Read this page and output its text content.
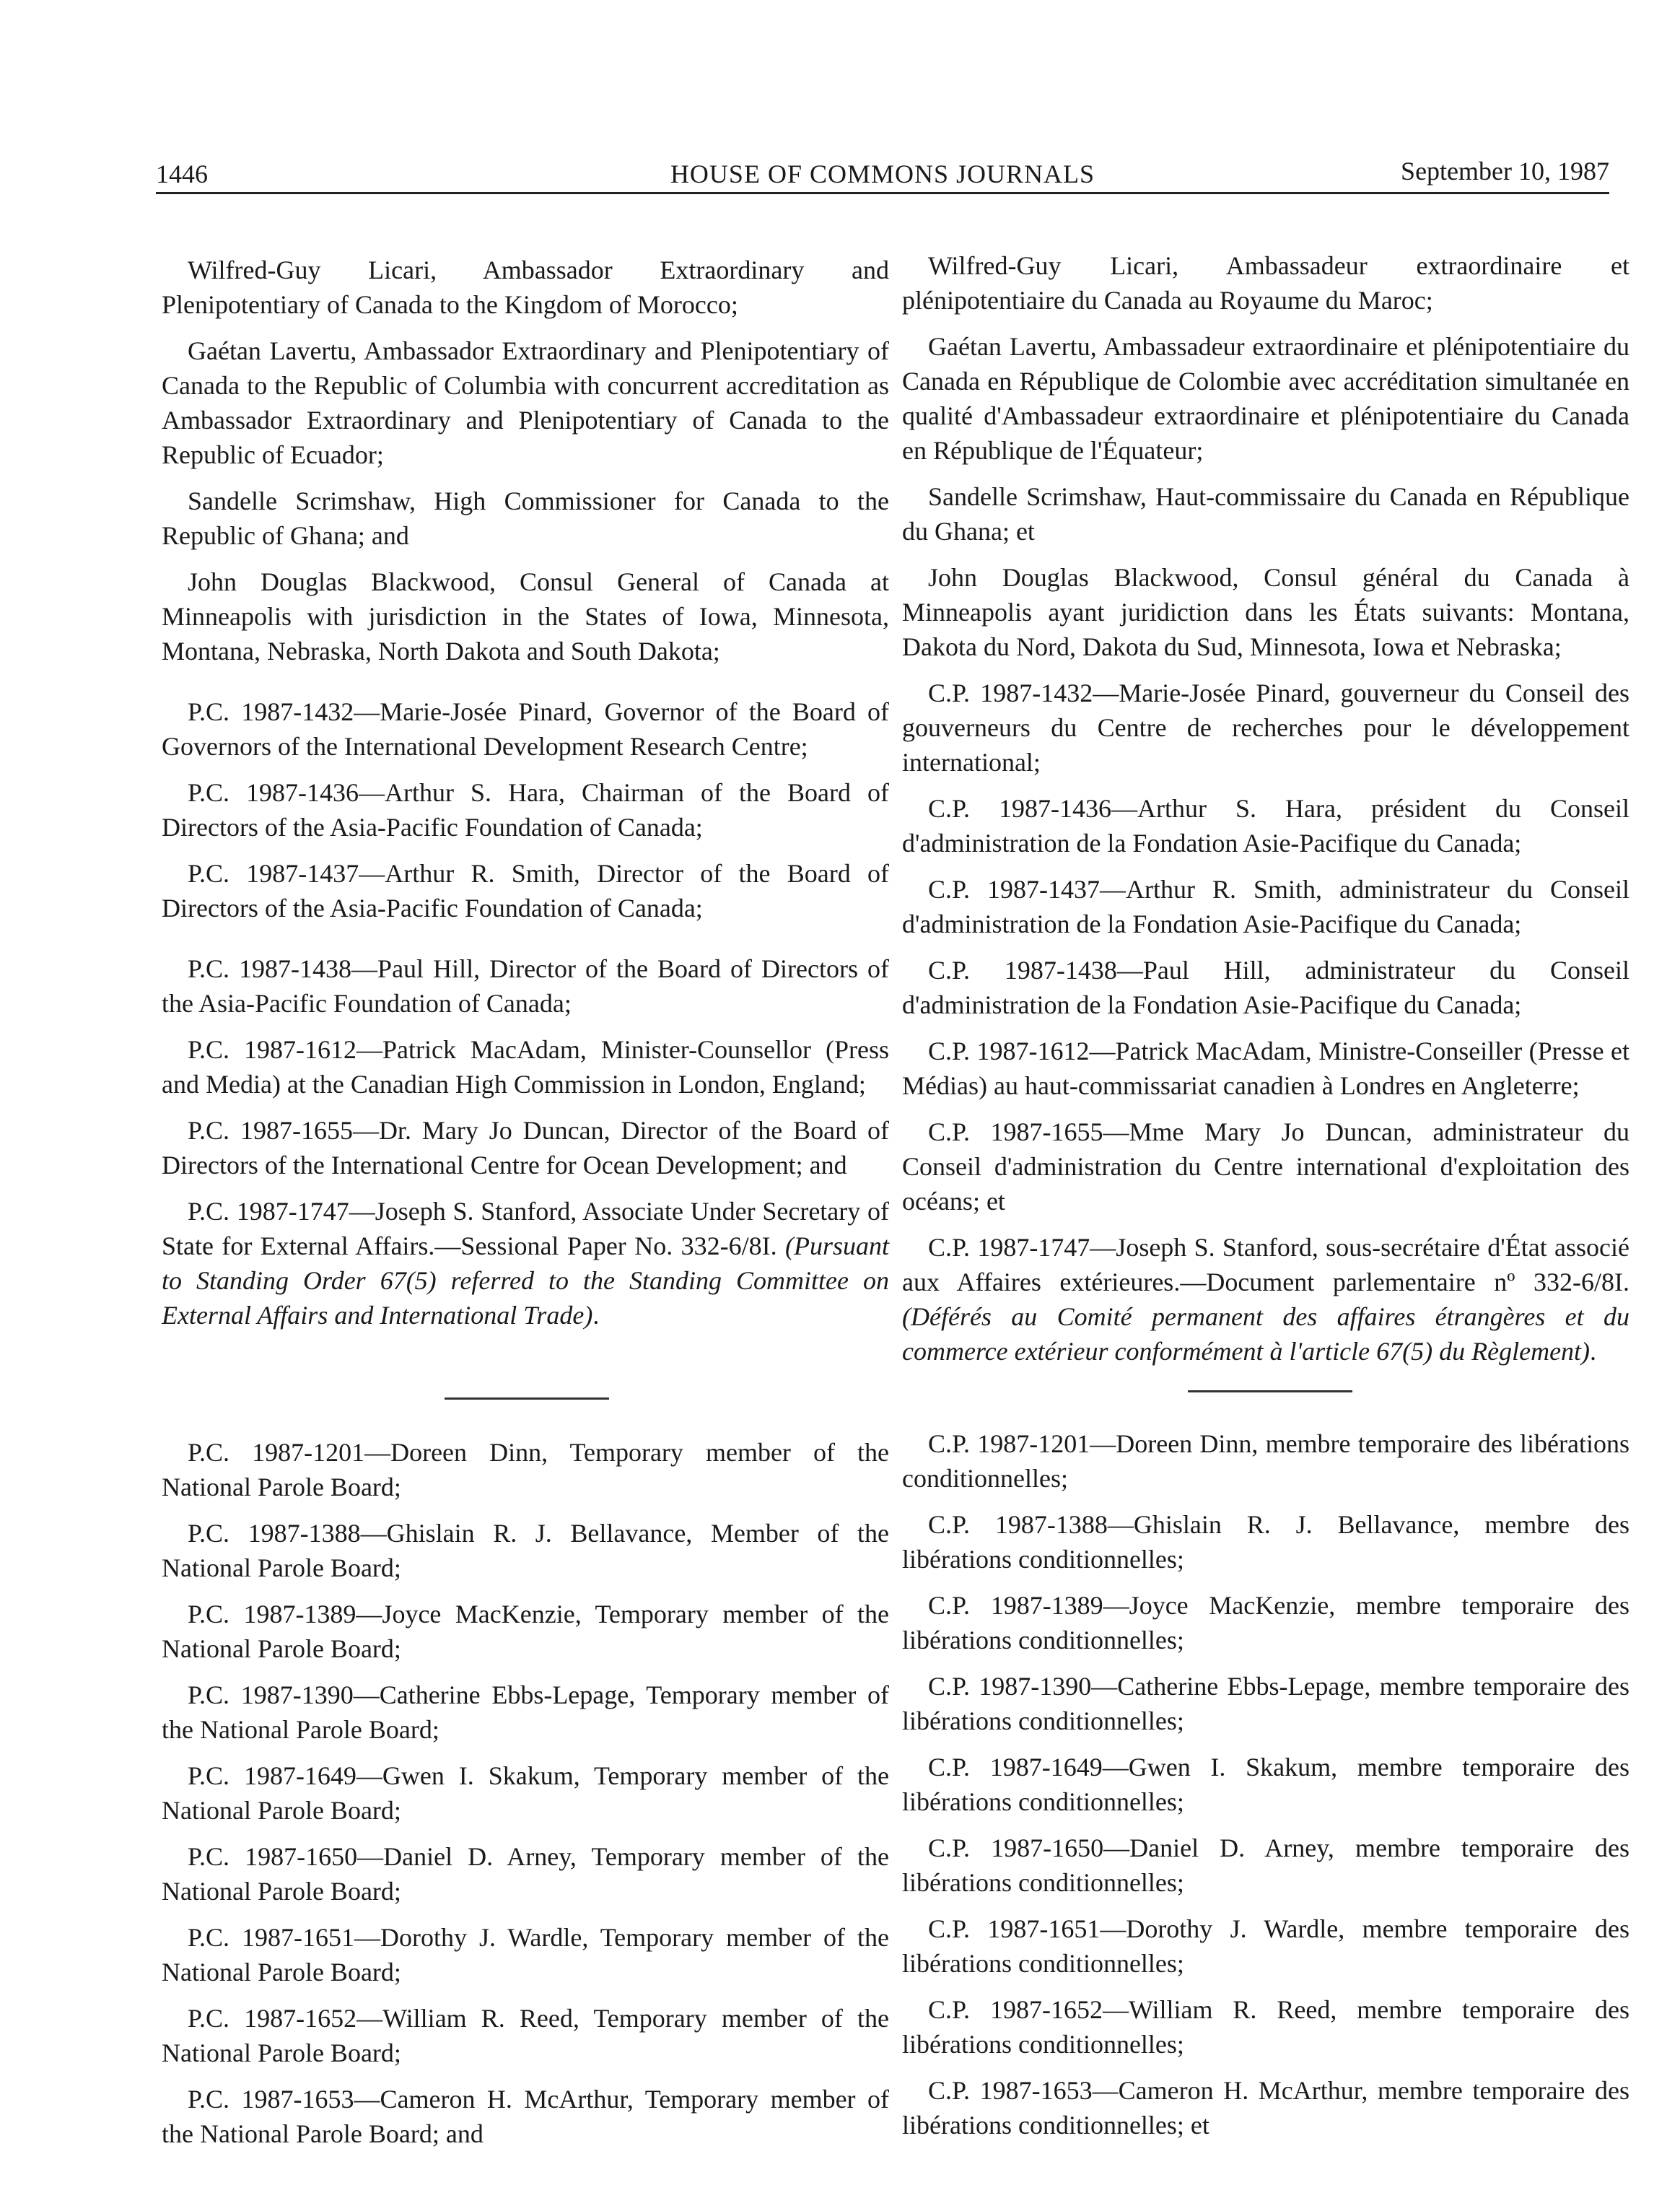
1446	HOUSE OF COMMONS JOURNALS	September 10, 1987

Wilfred-Guy Licari, Ambassador Extraordinary and Plenipotentiary of Canada to the Kingdom of Morocco;

Gaétan Lavertu, Ambassador Extraordinary and Plenipotentiary of Canada to the Republic of Columbia with concurrent accreditation as Ambassador Extraordinary and Plenipotentiary of Canada to the Republic of Ecuador;

Sandelle Scrimshaw, High Commissioner for Canada to the Republic of Ghana; and

John Douglas Blackwood, Consul General of Canada at Minneapolis with jurisdiction in the States of Iowa, Minnesota, Montana, Nebraska, North Dakota and South Dakota;

P.C. 1987-1432—Marie-Josée Pinard, Governor of the Board of Governors of the International Development Research Centre;

P.C. 1987-1436—Arthur S. Hara, Chairman of the Board of Directors of the Asia-Pacific Foundation of Canada;

P.C. 1987-1437—Arthur R. Smith, Director of the Board of Directors of the Asia-Pacific Foundation of Canada;

P.C. 1987-1438—Paul Hill, Director of the Board of Directors of the Asia-Pacific Foundation of Canada;

P.C. 1987-1612—Patrick MacAdam, Minister-Counsellor (Press and Media) at the Canadian High Commission in London, England;

P.C. 1987-1655—Dr. Mary Jo Duncan, Director of the Board of Directors of the International Centre for Ocean Development; and

P.C. 1987-1747—Joseph S. Stanford, Associate Under Secretary of State for External Affairs.—Sessional Paper No. 332-6/8I. (Pursuant to Standing Order 67(5) referred to the Standing Committee on External Affairs and International Trade).

Wilfred-Guy Licari, Ambassadeur extraordinaire et plénipotentiaire du Canada au Royaume du Maroc;

Gaétan Lavertu, Ambassadeur extraordinaire et plénipotentiaire du Canada en République de Colombie avec accréditation simultanée en qualité d'Ambassadeur extraordinaire et plénipotentiaire du Canada en République de l'Équateur;

Sandelle Scrimshaw, Haut-commissaire du Canada en République du Ghana; et

John Douglas Blackwood, Consul général du Canada à Minneapolis ayant juridiction dans les États suivants: Montana, Dakota du Nord, Dakota du Sud, Minnesota, Iowa et Nebraska;

C.P. 1987-1432—Marie-Josée Pinard, gouverneur du Conseil des gouverneurs du Centre de recherches pour le développement international;

C.P. 1987-1436—Arthur S. Hara, président du Conseil d'administration de la Fondation Asie-Pacifique du Canada;

C.P. 1987-1437—Arthur R. Smith, administrateur du Conseil d'administration de la Fondation Asie-Pacifique du Canada;

C.P. 1987-1438—Paul Hill, administrateur du Conseil d'administration de la Fondation Asie-Pacifique du Canada;

C.P. 1987-1612—Patrick MacAdam, Ministre-Conseiller (Presse et Médias) au haut-commissariat canadien à Londres en Angleterre;

C.P. 1987-1655—Mme Mary Jo Duncan, administrateur du Conseil d'administration du Centre international d'exploitation des océans; et

C.P. 1987-1747—Joseph S. Stanford, sous-secrétaire d'État associé aux Affaires extérieures.—Document parlementaire nº 332-6/8I. (Déférés au Comité permanent des affaires étrangères et du commerce extérieur conformément à l'article 67(5) du Règlement).

P.C. 1987-1201—Doreen Dinn, Temporary member of the National Parole Board;

P.C. 1987-1388—Ghislain R. J. Bellavance, Member of the National Parole Board;

P.C. 1987-1389—Joyce MacKenzie, Temporary member of the National Parole Board;

P.C. 1987-1390—Catherine Ebbs-Lepage, Temporary member of the National Parole Board;

P.C. 1987-1649—Gwen I. Skakum, Temporary member of the National Parole Board;

P.C. 1987-1650—Daniel D. Arney, Temporary member of the National Parole Board;

P.C. 1987-1651—Dorothy J. Wardle, Temporary member of the National Parole Board;

P.C. 1987-1652—William R. Reed, Temporary member of the National Parole Board;

P.C. 1987-1653—Cameron H. McArthur, Temporary member of the National Parole Board; and

C.P. 1987-1201—Doreen Dinn, membre temporaire des libérations conditionnelles;

C.P. 1987-1388—Ghislain R. J. Bellavance, membre des libérations conditionnelles;

C.P. 1987-1389—Joyce MacKenzie, membre temporaire des libérations conditionnelles;

C.P. 1987-1390—Catherine Ebbs-Lepage, membre temporaire des libérations conditionnelles;

C.P. 1987-1649—Gwen I. Skakum, membre temporaire des libérations conditionnelles;

C.P. 1987-1650—Daniel D. Arney, membre temporaire des libérations conditionnelles;

C.P. 1987-1651—Dorothy J. Wardle, membre temporaire des libérations conditionnelles;

C.P. 1987-1652—William R. Reed, membre temporaire des libérations conditionnelles;

C.P. 1987-1653—Cameron H. McArthur, membre temporaire des libérations conditionnelles; et
